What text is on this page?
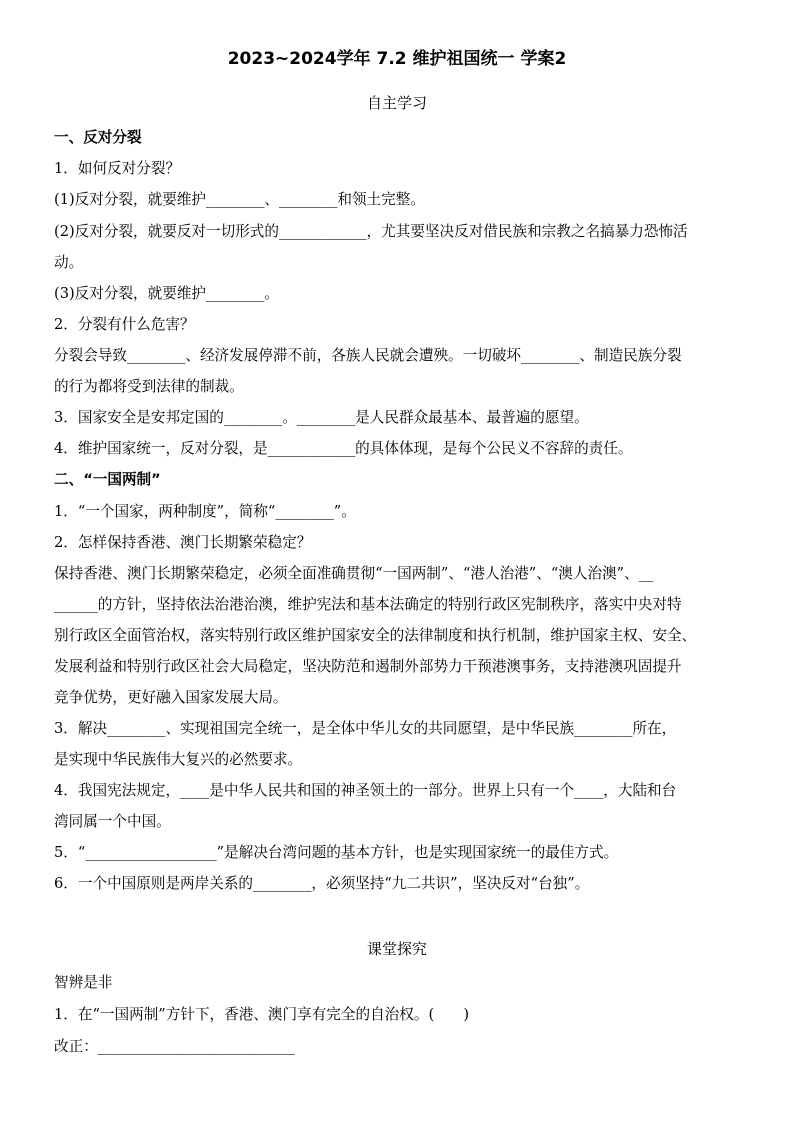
2023~2024学年 7.2 维护祖国统一 学案2
自主学习
一、反对分裂
1．如何反对分裂？
(1)反对分裂，就要维护________、________和领土完整。
(2)反对分裂，就要反对一切形式的____________，尤其要坚决反对借民族和宗教之名搞暴力恐怖活
动。
(3)反对分裂，就要维护________。
2．分裂有什么危害？
分裂会导致________、经济发展停滞不前，各族人民就会遭殃。一切破坏________、制造民族分裂
的行为都将受到法律的制裁。
3．国家安全是安邦定国的________。________是人民群众最基本、最普遍的愿望。
4．维护国家统一，反对分裂，是____________的具体体现，是每个公民义不容辞的责任。
二、“一国两制”
1．“一个国家，两种制度”，简称“________”。
2．怎样保持香港、澳门长期繁荣稳定？
保持香港、澳门长期繁荣稳定，必须全面准确贯彻“一国两制”、“港人治港”、“澳人治澳”、__
______的方针，坚持依法治港治澳，维护宪法和基本法确定的特别行政区宪制秩序，落实中央对特
别行政区全面管治权，落实特别行政区维护国家安全的法律制度和执行机制，维护国家主权、安全、
发展利益和特别行政区社会大局稳定，坚决防范和遏制外部势力干预港澳事务，支持港澳巩固提升
竞争优势，更好融入国家发展大局。
3．解决________、实现祖国完全统一，是全体中华儿女的共同愿望，是中华民族________所在，
是实现中华民族伟大复兴的必然要求。
4．我国宪法规定，____是中华人民共和国的神圣领土的一部分。世界上只有一个____，大陆和台
湾同属一个中国。
5．“__________________”是解决台湾问题的基本方针，也是实现国家统一的最佳方式。
6．一个中国原则是两岸关系的________，必须坚持“九二共识”，坚决反对“台独”。
课堂探究
智辨是非
1．在“一国两制”方针下，香港、澳门享有完全的自治权。(　　)
改正：___________________________
